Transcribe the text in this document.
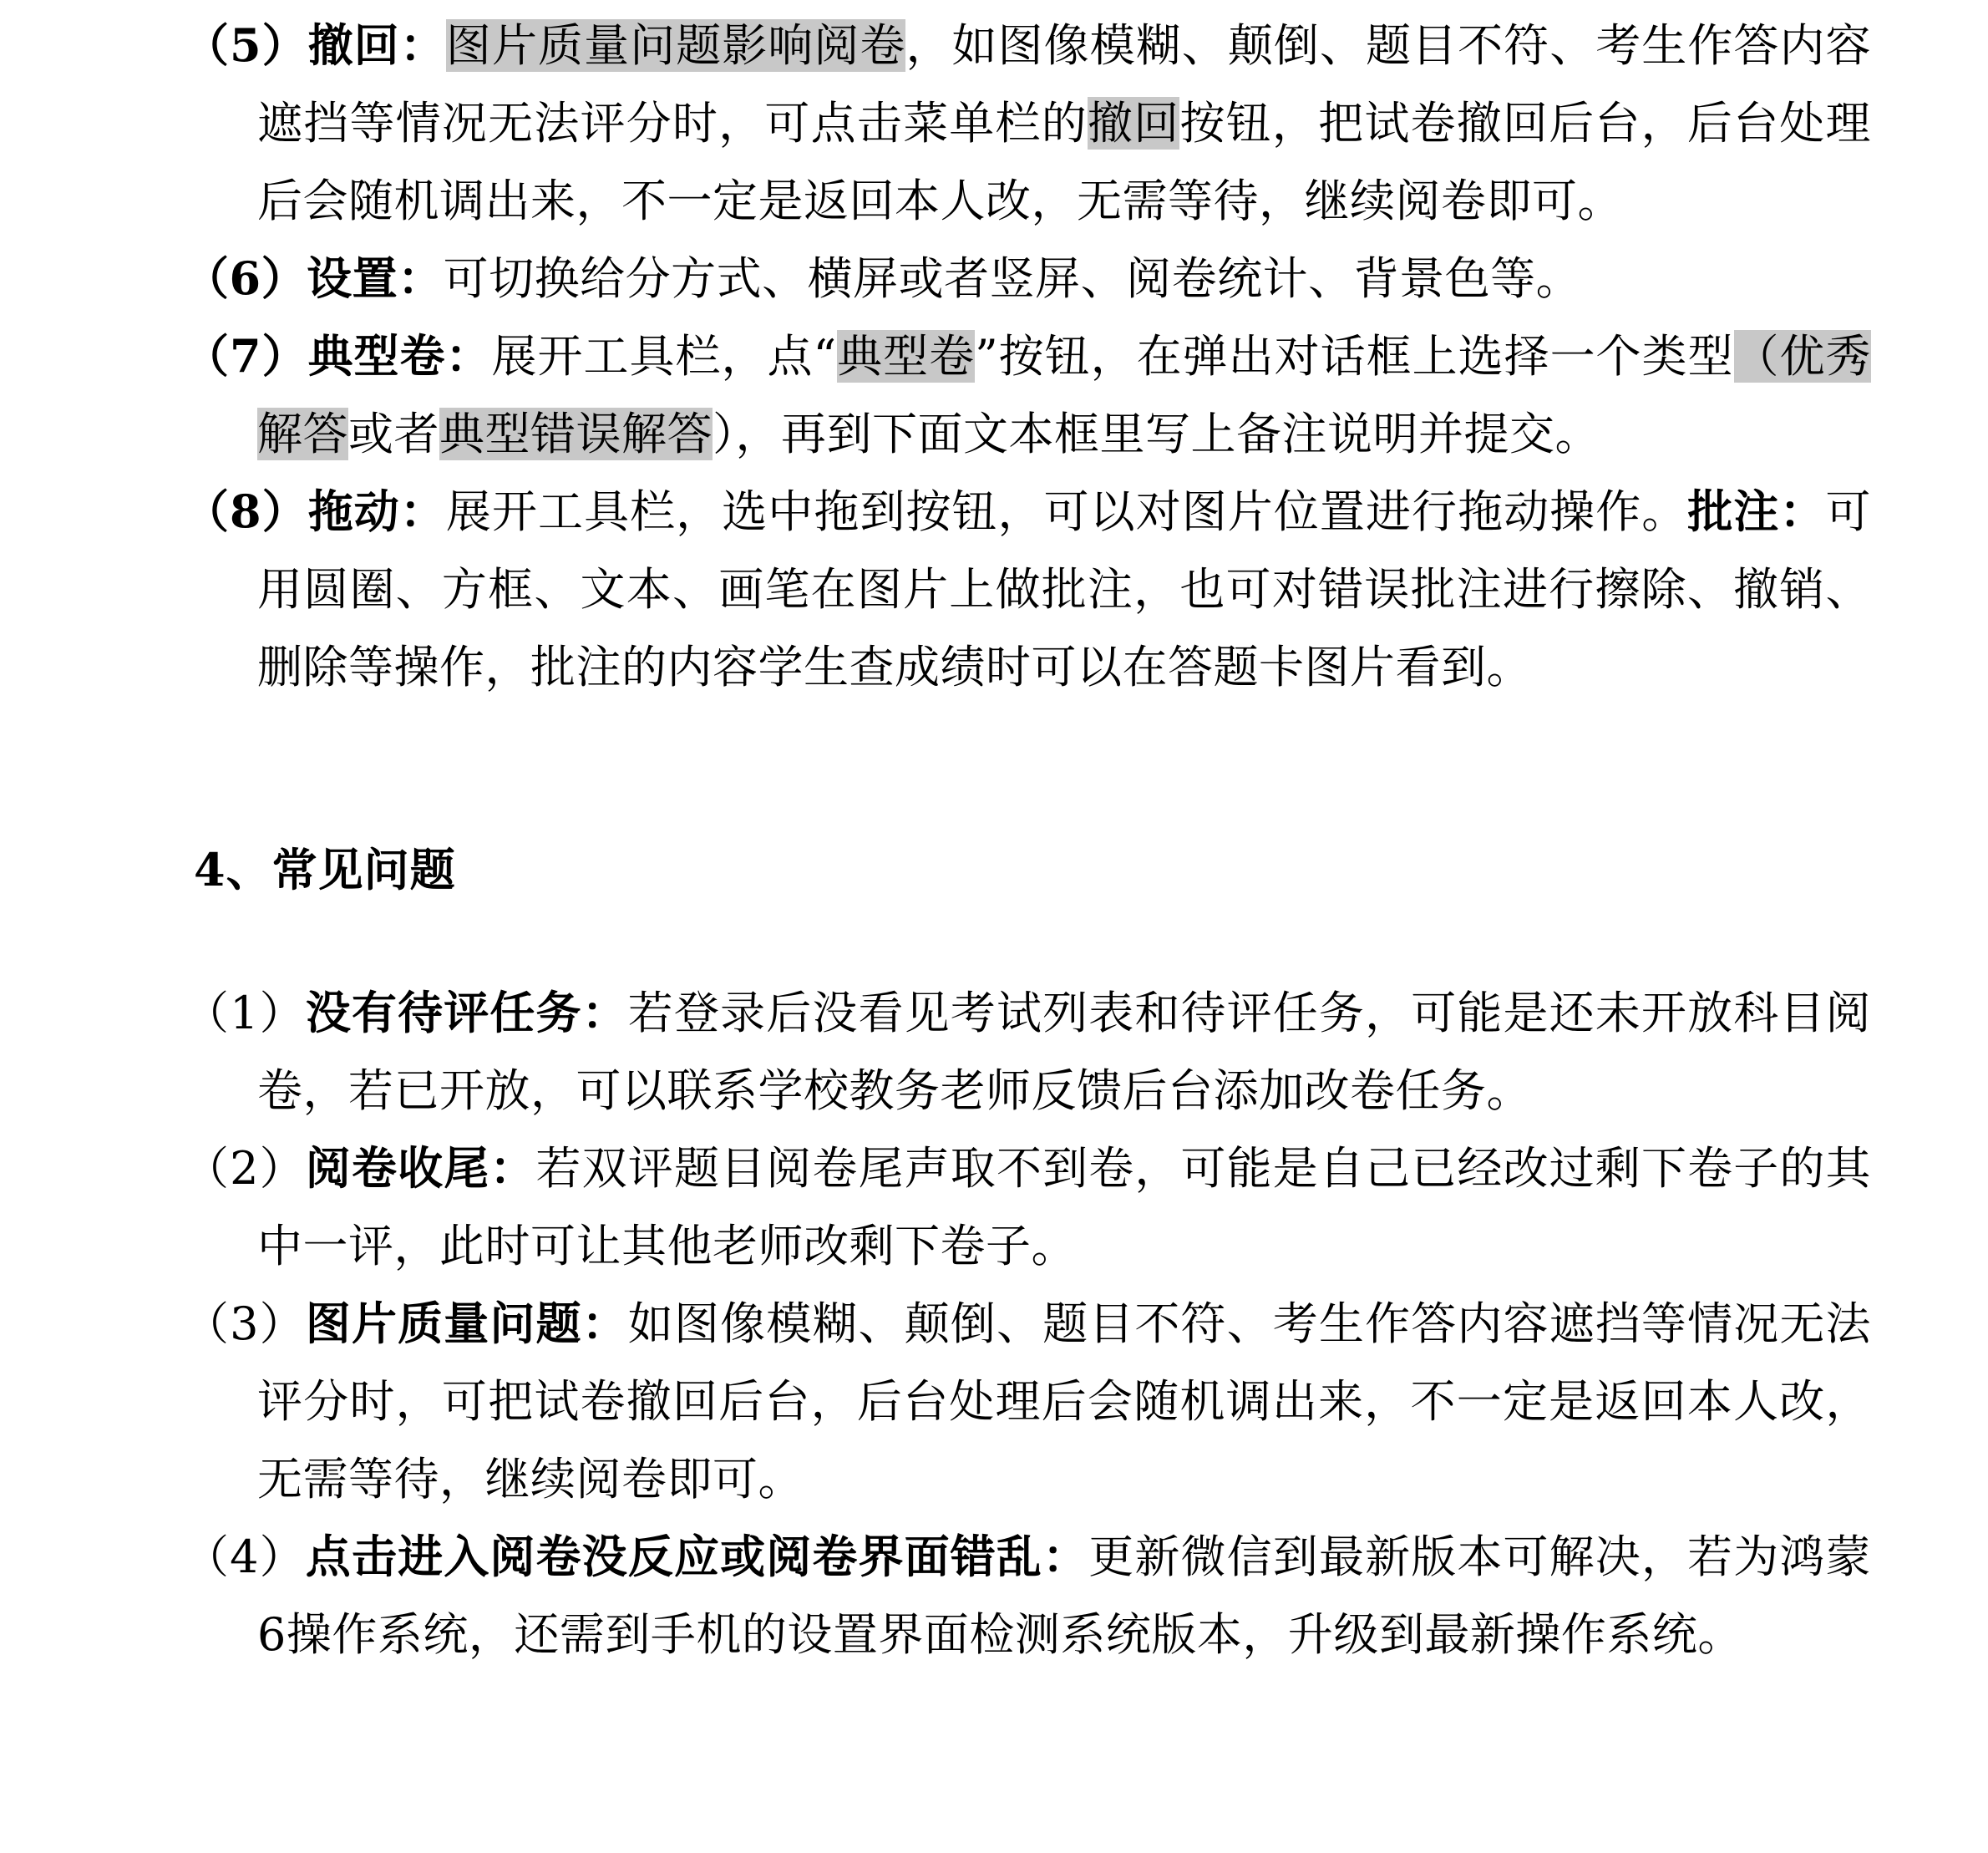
（5）撤回：图片质量问题影响阅卷，如图像模糊、颠倒、题目不符、考生作答内容遮挡等情况无法评分时，可点击菜单栏的撤回按钮，把试卷撤回后台，后台处理后会随机调出来，不一定是返回本人改，无需等待，继续阅卷即可。

（6）设置：可切换给分方式、横屏或者竖屏、阅卷统计、背景色等。

（7）典型卷：展开工具栏，点“典型卷”按钮，在弹出对话框上选择一个类型（优秀解答或者典型错误解答），再到下面文本框里写上备注说明并提交。

（8）拖动：展开工具栏，选中拖到按钮，可以对图片位置进行拖动操作。批注：可用圆圈、方框、文本、画笔在图片上做批注，也可对错误批注进行擦除、撤销、删除等操作，批注的内容学生查成绩时可以在答题卡图片看到。

4、常见问题

（1）没有待评任务：若登录后没看见考试列表和待评任务，可能是还未开放科目阅卷，若已开放，可以联系学校教务老师反馈后台添加改卷任务。

（2）阅卷收尾：若双评题目阅卷尾声取不到卷，可能是自己已经改过剩下卷子的其中一评，此时可让其他老师改剩下卷子。

（3）图片质量问题：如图像模糊、颠倒、题目不符、考生作答内容遮挡等情况无法评分时，可把试卷撤回后台，后台处理后会随机调出来，不一定是返回本人改，无需等待，继续阅卷即可。

（4）点击进入阅卷没反应或阅卷界面错乱：更新微信到最新版本可解决，若为鸿蒙6操作系统，还需到手机的设置界面检测系统版本，升级到最新操作系统。
